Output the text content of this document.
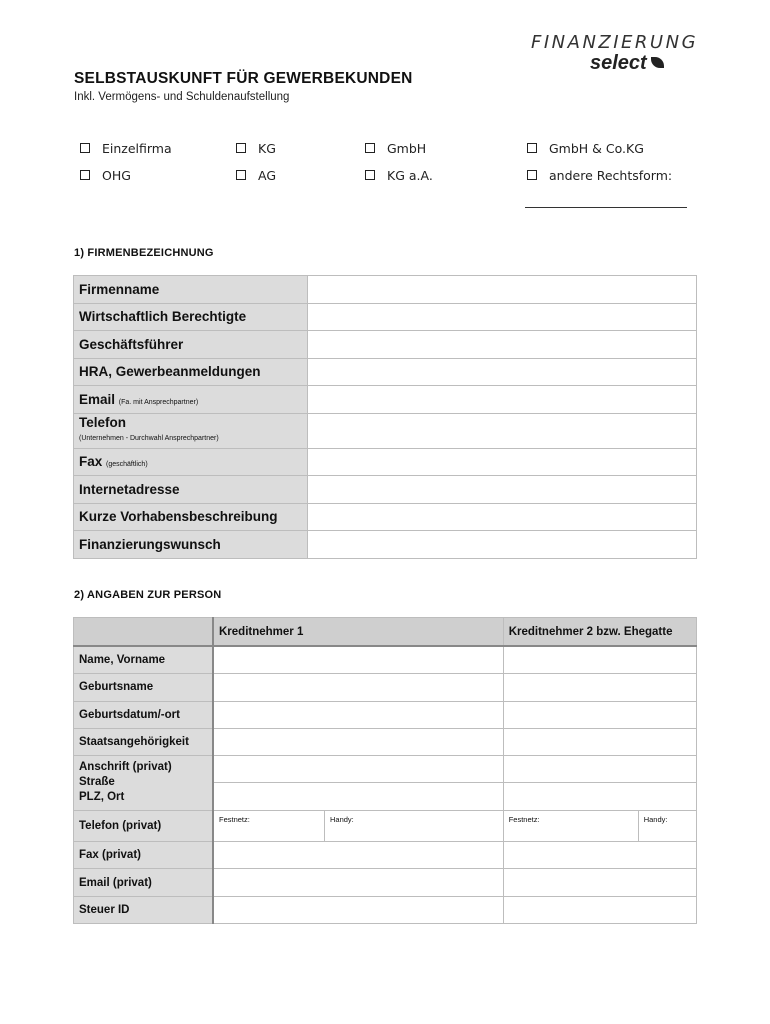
FINANZIERUNG
select
SELBSTAUSKUNFT FÜR GEWERBEKUNDEN
Inkl. Vermögens- und Schuldenaufstellung
Einzelfirma	KG	GmbH	GmbH & Co.KG
OHG	AG	KG a.A.	andere Rechtsform:
1) FIRMENBEZEICHNUNG
Firmenname	
Wirtschaftlich Berechtigte	
Geschäftsführer	
HRA, Gewerbeanmeldungen	
Email (Fa. mit Ansprechpartner)	
Telefon
(Unternehmen - Durchwahl Ansprechpartner)	
Fax (geschäftlich)	
Internetadresse	
Kurze Vorhabensbeschreibung	
Finanzierungswunsch	
2) ANGABEN ZUR PERSON
	Kreditnehmer 1		Kreditnehmer 2 bzw. Ehegatte	
Name, Vorname				
Geburtsname				
Geburtsdatum/-ort				
Staatsangehörigkeit				
Anschrift (privat)
Straße
PLZ, Ort				

Telefon (privat)	Festnetz:	Handy:	Festnetz:	Handy:
Fax (privat)				
Email (privat)				
Steuer ID				
